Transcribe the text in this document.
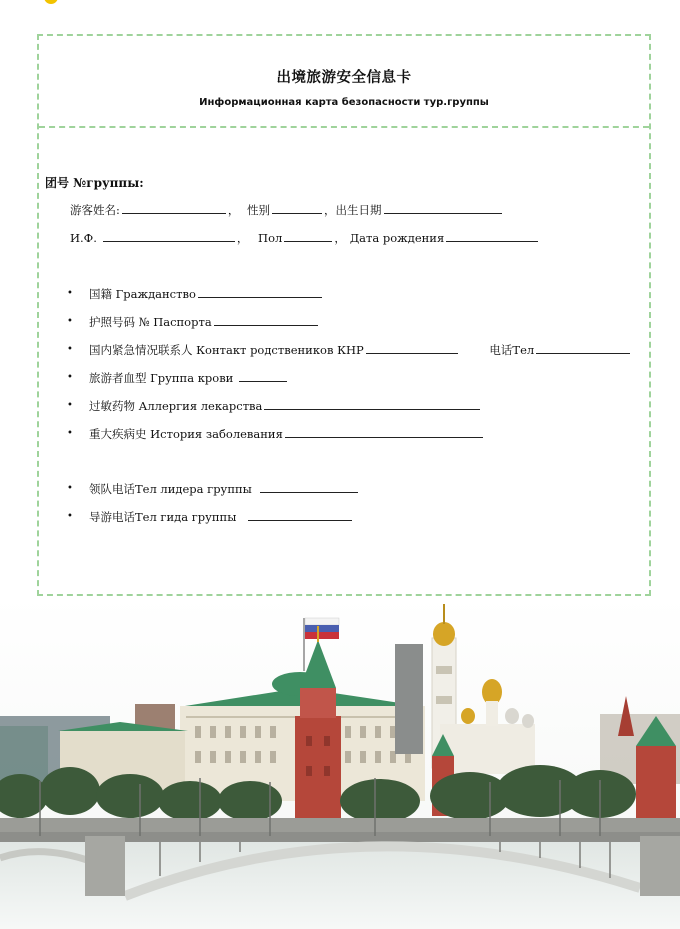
出境旅游安全信息卡
Информационная карта безопасности тур.группы
团号 №группы:
游客姓名:	， 性别	，出生日期
И.Ф.	， Пол	， Дата рождения
• 国籍 Гражданство
• 护照号码 № Паспорта
• 国内紧急情况联系人 Контакт родствеников КНР	电话Тел
• 旅游者血型 Группа крови
• 过敏药物 Аллергия лекарства
• 重大疾病史 История заболевания
• 领队电话Тел лидера группы
• 导游电话Тел гида группы
